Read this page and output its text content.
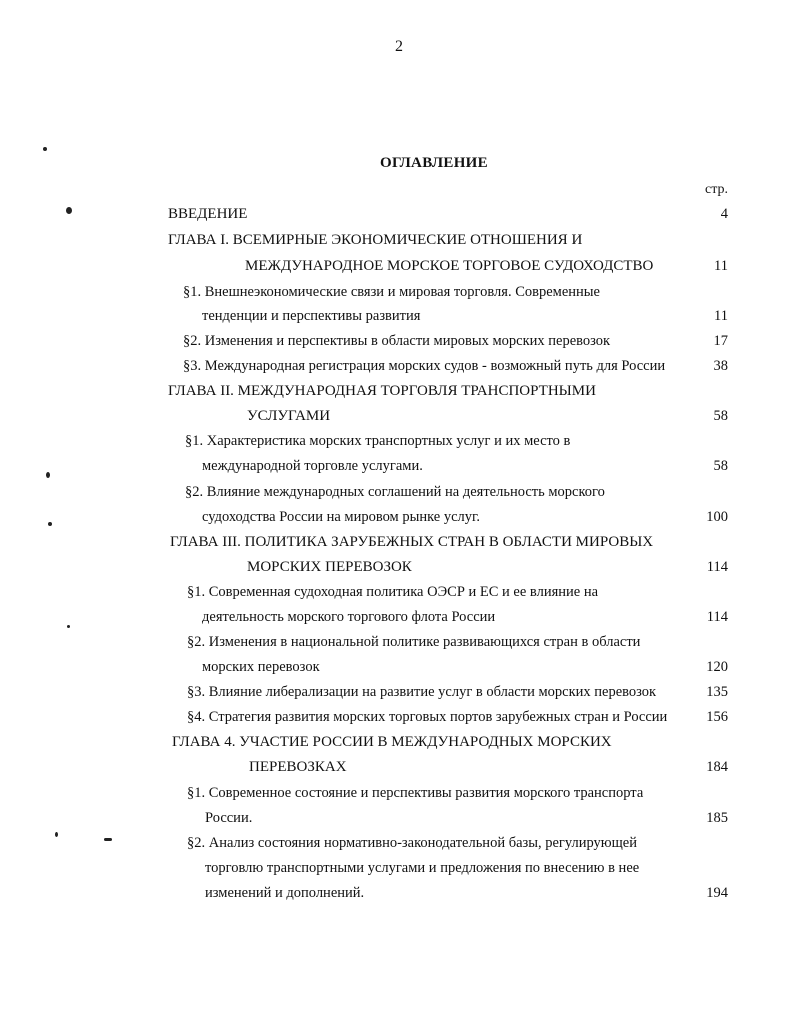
2
ОГЛАВЛЕНИЕ
стр.
ВВЕДЕНИЕ	4
ГЛАВА I. ВСЕМИРНЫЕ ЭКОНОМИЧЕСКИЕ ОТНОШЕНИЯ И
МЕЖДУНАРОДНОЕ МОРСКОЕ ТОРГОВОЕ СУДОХОДСТВО	11
§1. Внешнеэкономические связи и мировая торговля. Современные
тенденции и перспективы развития	11
§2. Изменения и перспективы в области мировых морских перевозок	17
§3. Международная регистрация морских судов - возможный путь для России	38
ГЛАВА II. МЕЖДУНАРОДНАЯ ТОРГОВЛЯ ТРАНСПОРТНЫМИ
УСЛУГАМИ	58
§1. Характеристика морских транспортных услуг и их место в
международной торговле услугами.	58
§2. Влияние международных соглашений на деятельность морского
судоходства России на мировом рынке услуг.	100
ГЛАВА III. ПОЛИТИКА ЗАРУБЕЖНЫХ СТРАН В ОБЛАСТИ МИРОВЫХ
МОРСКИХ ПЕРЕВОЗОК	114
§1. Современная судоходная политика ОЭСР и ЕС и ее влияние на
деятельность морского торгового флота России	114
§2. Изменения в национальной политике развивающихся стран в области
морских перевозок	120
§3. Влияние либерализации на развитие услуг в области морских перевозок	135
§4. Стратегия развития морских торговых портов зарубежных стран и России	156
ГЛАВА 4. УЧАСТИЕ РОССИИ В МЕЖДУНАРОДНЫХ МОРСКИХ
ПЕРЕВОЗКАХ	184
§1. Современное состояние и перспективы развития морского транспорта
России.	185
§2. Анализ состояния нормативно-законодательной базы, регулирующей
торговлю транспортными услугами и предложения по внесению в нее
изменений и дополнений.	194
